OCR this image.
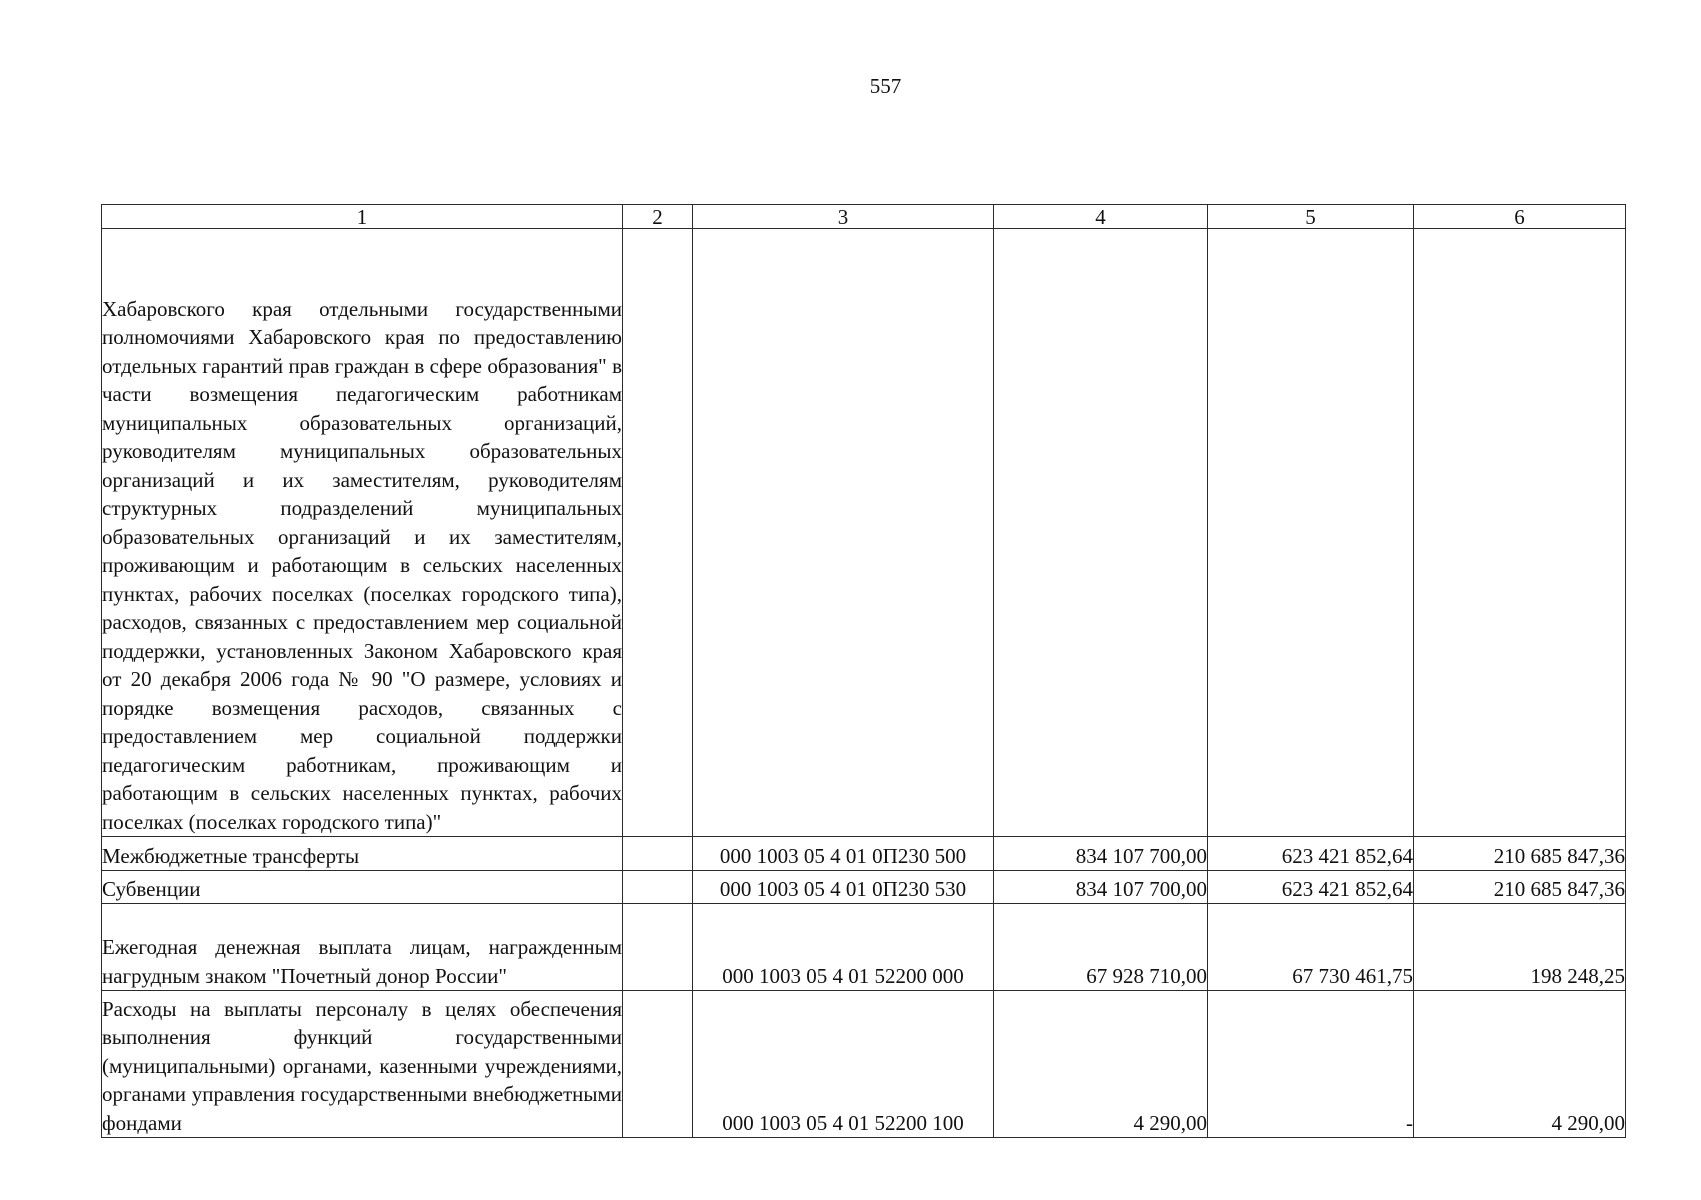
557
1	2	3	4	5	6
Хабаровского края отдельными государственными полномочиями Хабаровского края по предоставлению отдельных гарантий прав граждан в сфере образования" в части возмещения педагогическим работникам муниципальных образовательных организаций, руководителям муниципальных образовательных организаций и их заместителям, руководителям структурных подразделений муниципальных образовательных организаций и их заместителям, проживающим и работающим в сельских населенных пунктах, рабочих поселках (поселках городского типа), расходов, связанных с предоставлением мер социальной поддержки, установленных Законом Хабаровского края от 20 декабря 2006 года № 90 "О размере, условиях и порядке возмещения расходов, связанных с предоставлением мер социальной поддержки педагогическим работникам, проживающим и работающим в сельских населенных пунктах, рабочих поселках (поселках городского типа)"					
Межбюджетные трансферты		000 1003 05 4 01 0П230 500	834 107 700,00	623 421 852,64	210 685 847,36
Субвенции		000 1003 05 4 01 0П230 530	834 107 700,00	623 421 852,64	210 685 847,36
Ежегодная денежная выплата лицам, награжденным нагрудным знаком "Почетный донор России"		000 1003 05 4 01 52200 000	67 928 710,00	67 730 461,75	198 248,25
Расходы на выплаты персоналу в целях обеспечения выполнения функций государственными (муниципальными) органами, казенными учреждениями, органами управления государственными внебюджетными фондами		000 1003 05 4 01 52200 100	4 290,00	-	4 290,00
